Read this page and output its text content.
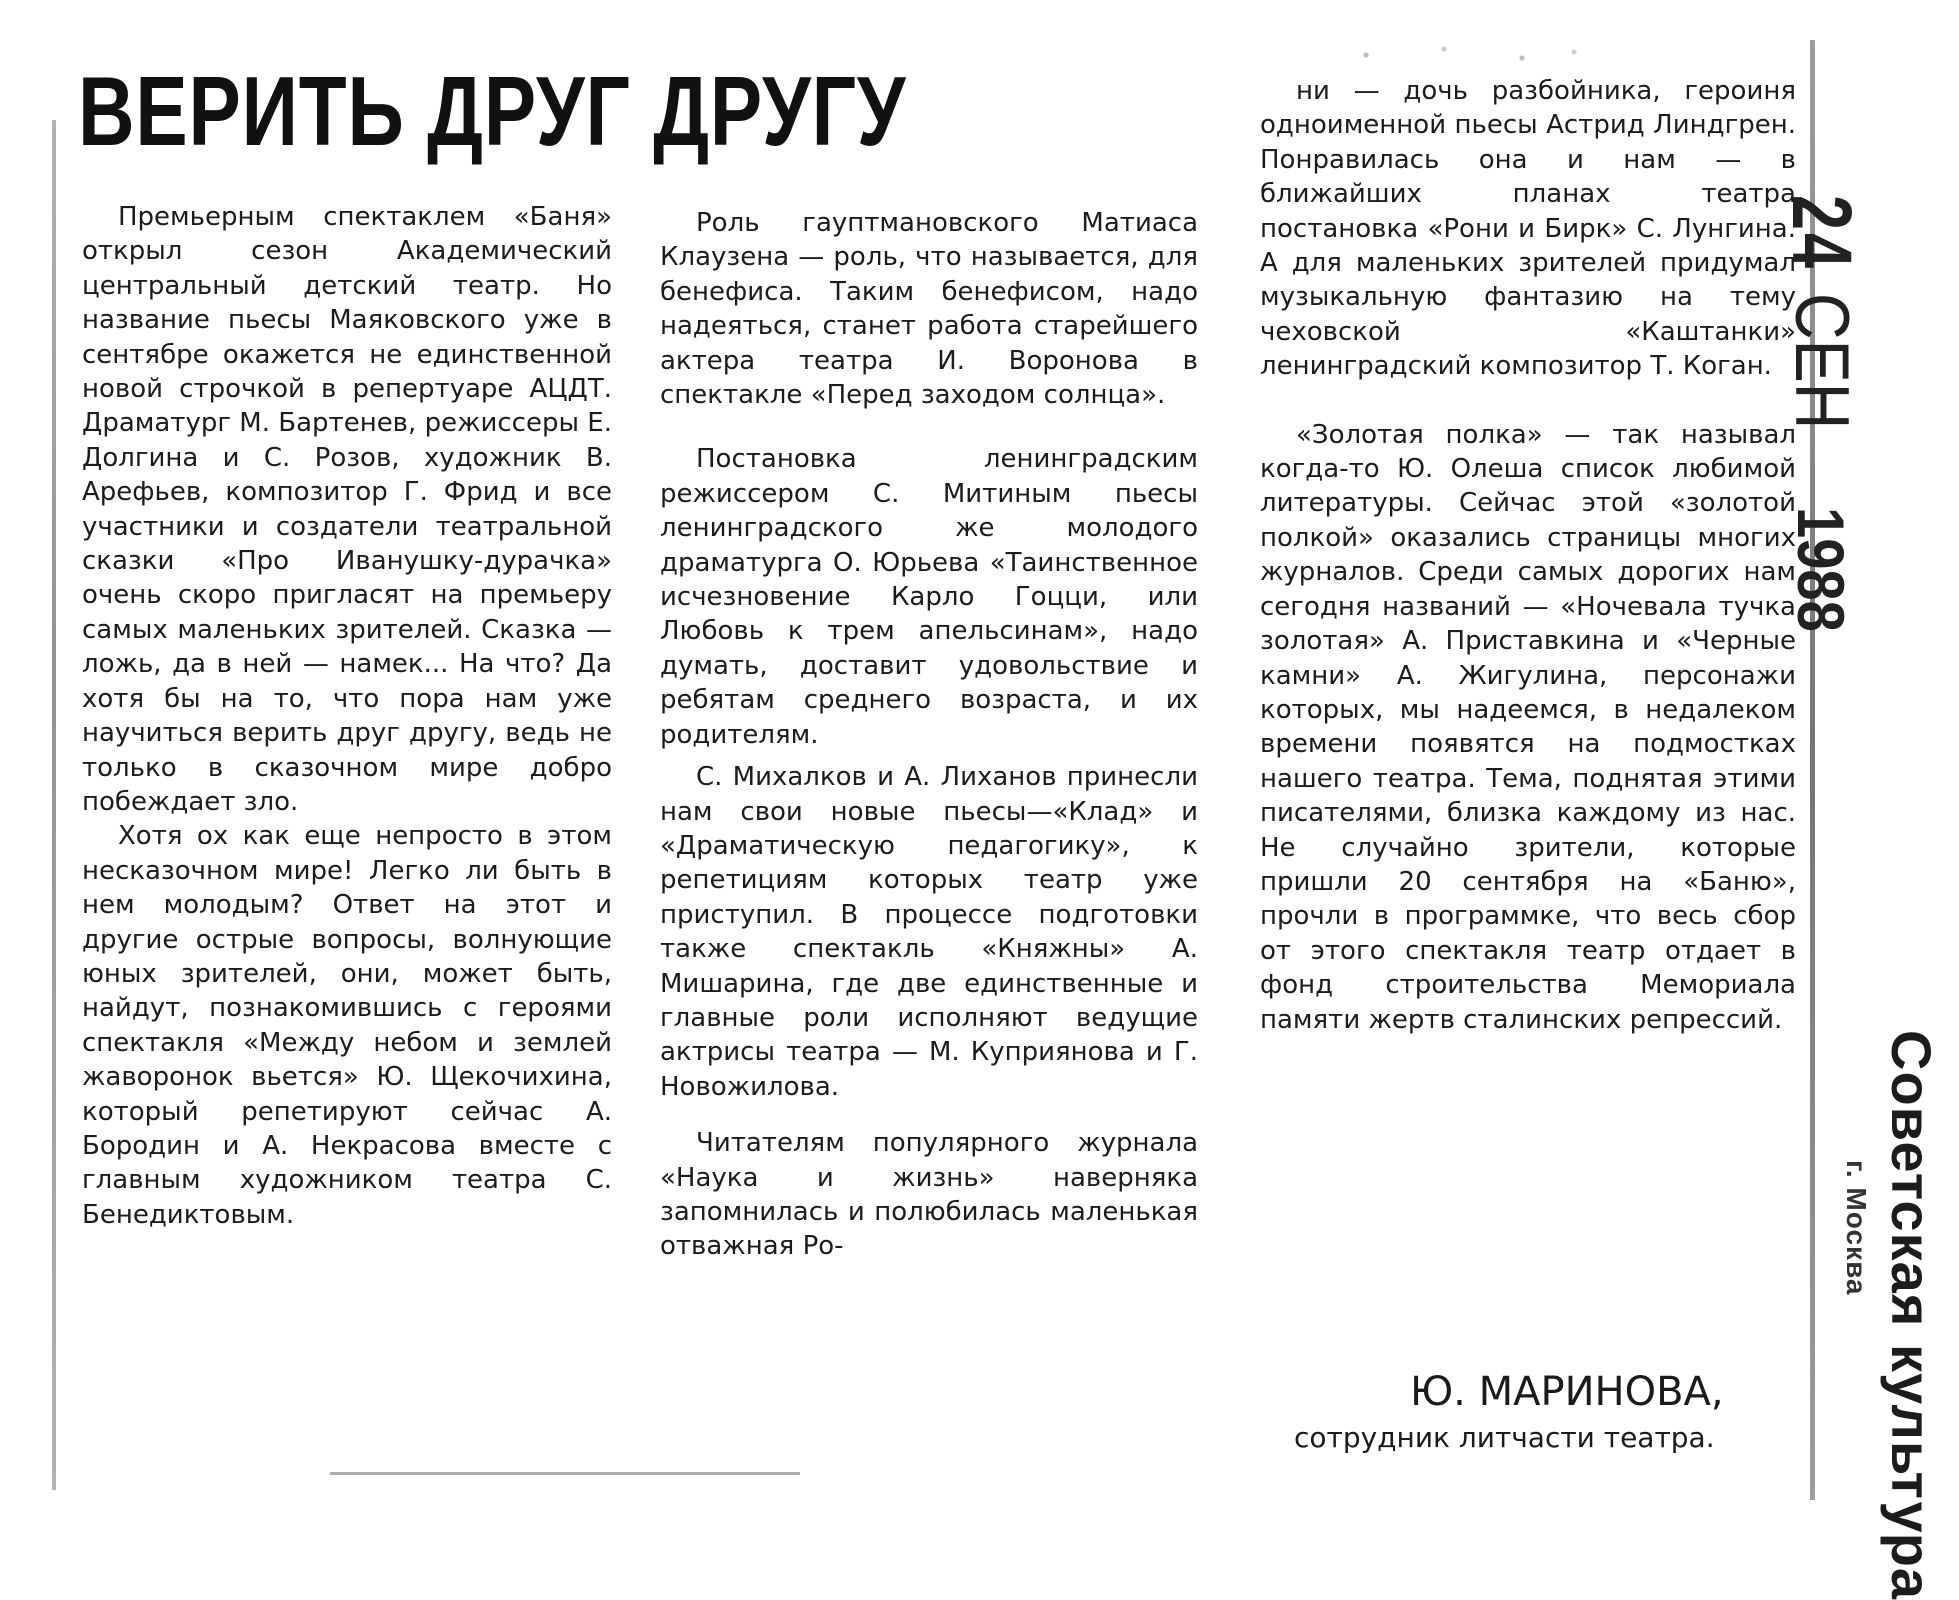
ВЕРИТЬ ДРУГ ДРУГУ

Премьерным спектаклем «Баня» открыл сезон Академический центральный детский театр. Но название пьесы Маяковского уже в сентябре окажется не единственной новой строчкой в репертуаре АЦДТ. Драматург М. Бартенев, режиссеры Е. Долгина и С. Розов, художник В. Арефьев, композитор Г. Фрид и все участники и создатели театральной сказки «Про Иванушку-дурачка» очень скоро пригласят на премьеру самых маленьких зрителей. Сказка — ложь, да в ней — намек... На что? Да хотя бы на то, что пора нам уже научиться верить друг другу, ведь не только в сказочном мире добро побеждает зло.

Хотя ох как еще непросто в этом несказочном мире! Легко ли быть в нем молодым? Ответ на этот и другие острые вопросы, волнующие юных зрителей, они, может быть, найдут, познакомившись с героями спектакля «Между небом и землей жаворонок вьется» Ю. Щекочихина, который репетируют сейчас А. Бородин и А. Некрасова вместе с главным художником театра С. Бенедиктовым.

Роль гауптмановского Матиаса Клаузена — роль, что называется, для бенефиса. Таким бенефисом, надо надеяться, станет работа старейшего актера театра И. Воронова в спектакле «Перед заходом солнца».

Постановка ленинградским режиссером С. Митиным пьесы ленинградского же молодого драматурга О. Юрьева «Таинственное исчезновение Карло Гоцци, или Любовь к трем апельсинам», надо думать, доставит удовольствие и ребятам среднего возраста, и их родителям.

С. Михалков и А. Лиханов принесли нам свои новые пьесы—«Клад» и «Драматическую педагогику», к репетициям которых театр уже приступил. В процессе подготовки также спектакль «Княжны» А. Мишарина, где две единственные и главные роли исполняют ведущие актрисы театра — М. Куприянова и Г. Новожилова.

Читателям популярного журнала «Наука и жизнь» наверняка запомнилась и полюбилась маленькая отважная Ро-

ни — дочь разбойника, героиня одноименной пьесы Астрид Линдгрен. Понравилась она и нам — в ближайших планах театра постановка «Рони и Бирк» С. Лунгина. А для маленьких зрителей придумал музыкальную фантазию на тему чеховской «Каштанки» ленинградский композитор Т. Коган.

«Золотая полка» — так называл когда-то Ю. Олеша список любимой литературы. Сейчас этой «золотой полкой» оказались страницы многих журналов. Среди самых дорогих нам сегодня названий — «Ночевала тучка золотая» А. Приставкина и «Черные камни» А. Жигулина, персонажи которых, мы надеемся, в недалеком времени появятся на подмостках нашего театра. Тема, поднятая этими писателями, близка каждому из нас. Не случайно зрители, которые пришли 20 сентября на «Баню», прочли в программке, что весь сбор от этого спектакля театр отдает в фонд строительства Мемориала памяти жертв сталинских репрессий.

Ю. МАРИНОВА,
сотрудник литчасти театра.
24 СЕН 1988
Советская культура
г. Москва
